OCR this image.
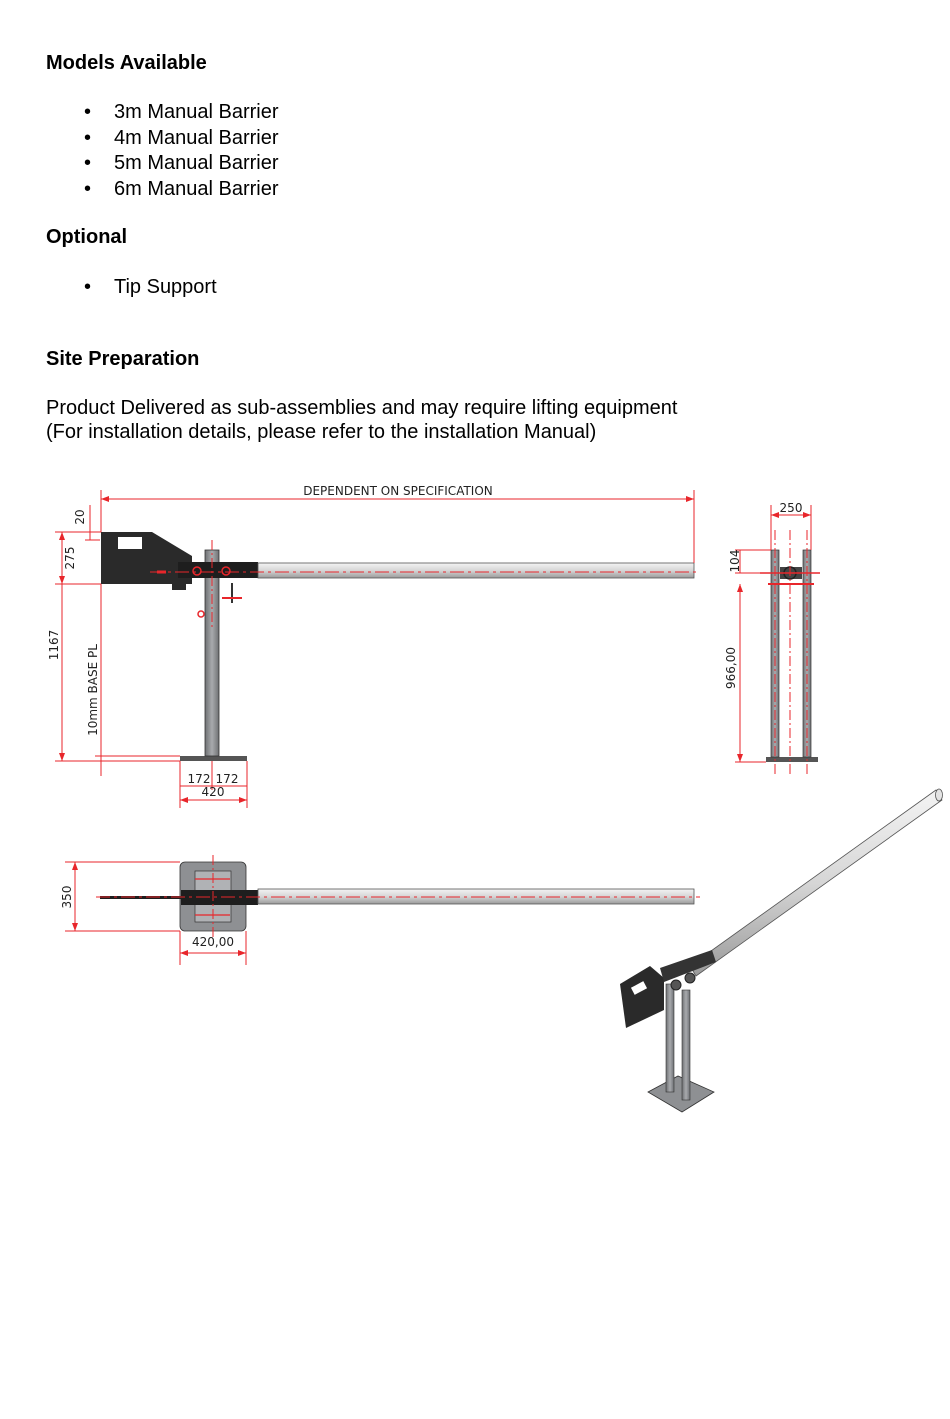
Models Available
• 3m Manual Barrier
• 4m Manual Barrier
• 5m Manual Barrier
• 6m Manual Barrier
Optional
• Tip Support
Site Preparation

Product Delivered as sub-assemblies and may require lifting equipment

(For installation details, please refer to the installation Manual)

DEPENDENT ON SPECIFICATION
20
275
1167 10mm BASE PL
172 172
420
250
104
966,00
350
420,00
